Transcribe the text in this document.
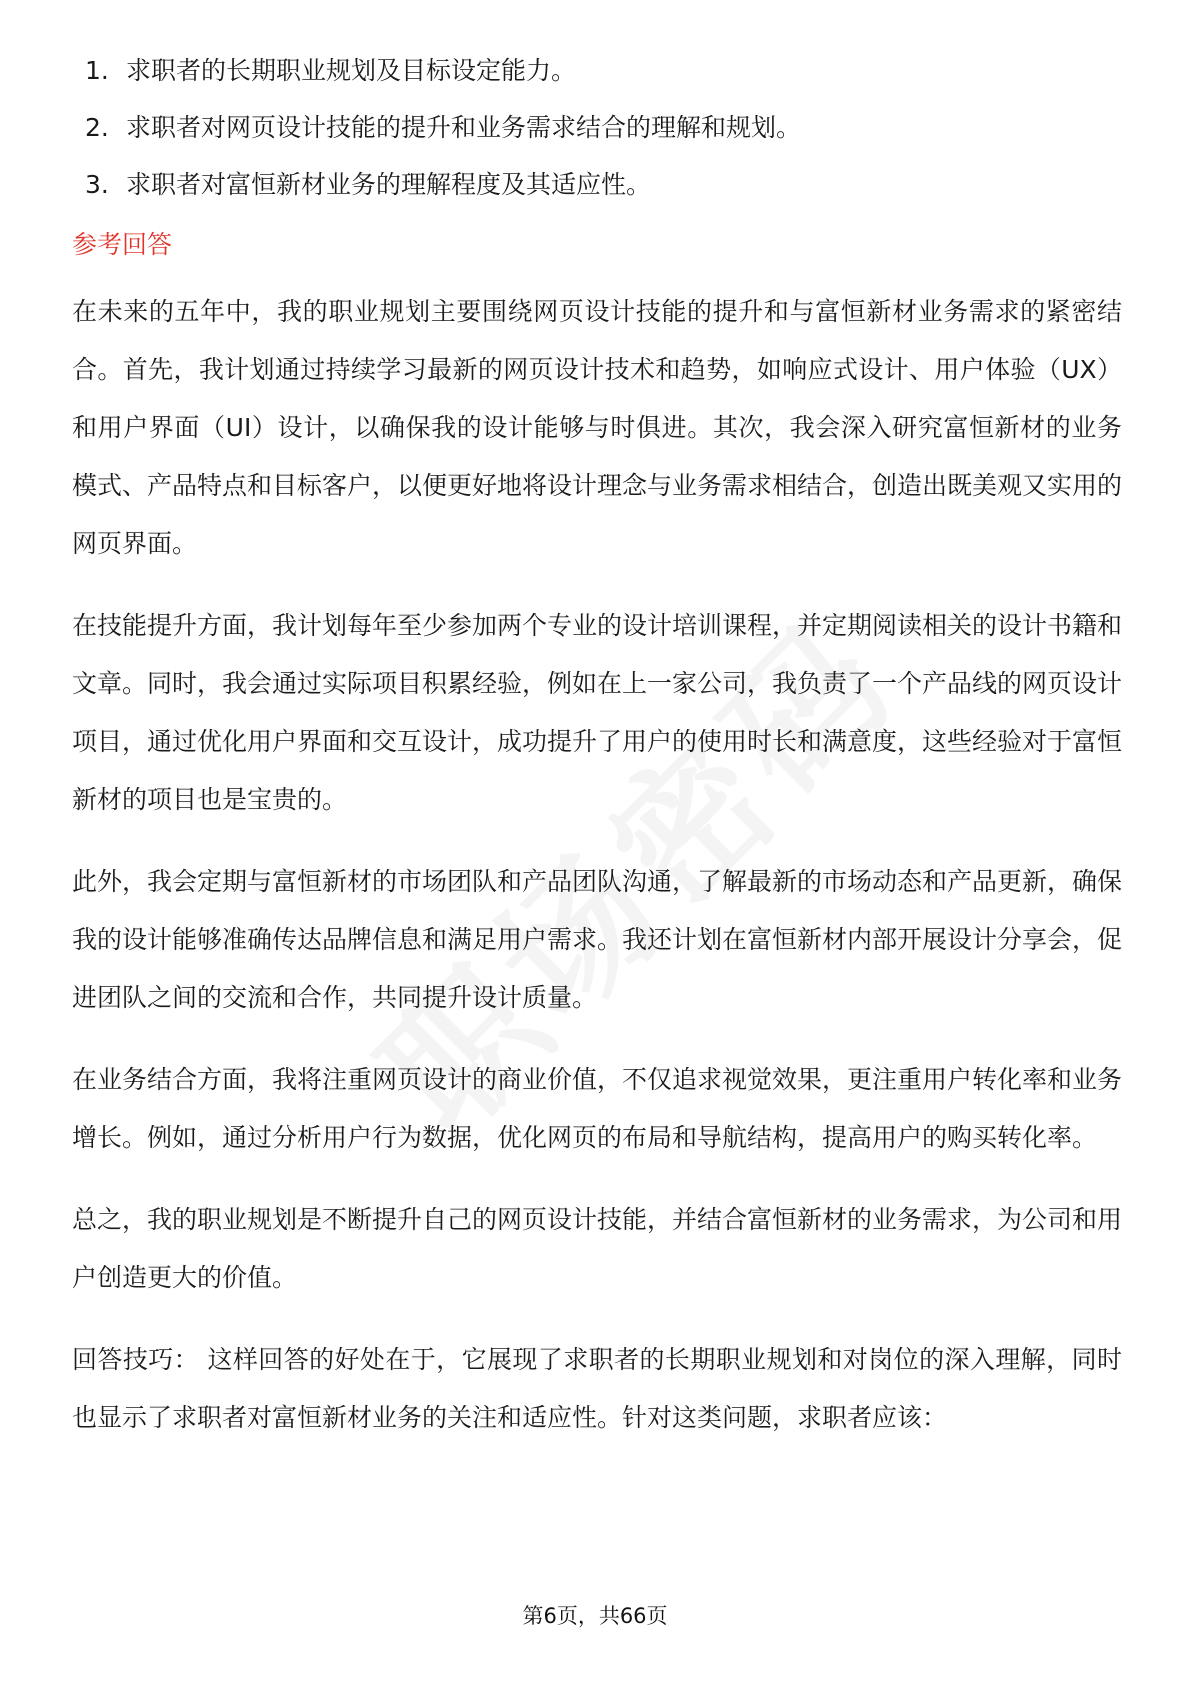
1. 求职者的长期职业规划及目标设定能力。
2. 求职者对网页设计技能的提升和业务需求结合的理解和规划。
3. 求职者对富恒新材业务的理解程度及其适应性。
参考回答

在未来的五年中，我的职业规划主要围绕网页设计技能的提升和与富恒新材业务需求的紧密结合。首先，我计划通过持续学习最新的网页设计技术和趋势，如响应式设计、用户体验（UX）和用户界面（UI）设计，以确保我的设计能够与时俱进。其次，我会深入研究富恒新材的业务模式、产品特点和目标客户，以便更好地将设计理念与业务需求相结合，创造出既美观又实用的网页界面。

在技能提升方面，我计划每年至少参加两个专业的设计培训课程，并定期阅读相关的设计书籍和文章。同时，我会通过实际项目积累经验，例如在上一家公司，我负责了一个产品线的网页设计项目，通过优化用户界面和交互设计，成功提升了用户的使用时长和满意度，这些经验对于富恒新材的项目也是宝贵的。

此外，我会定期与富恒新材的市场团队和产品团队沟通，了解最新的市场动态和产品更新，确保我的设计能够准确传达品牌信息和满足用户需求。我还计划在富恒新材内部开展设计分享会，促进团队之间的交流和合作，共同提升设计质量。

在业务结合方面，我将注重网页设计的商业价值，不仅追求视觉效果，更注重用户转化率和业务增长。例如，通过分析用户行为数据，优化网页的布局和导航结构，提高用户的购买转化率。

总之，我的职业规划是不断提升自己的网页设计技能，并结合富恒新材的业务需求，为公司和用户创造更大的价值。

回答技巧： 这样回答的好处在于，它展现了求职者的长期职业规划和对岗位的深入理解，同时也显示了求职者对富恒新材业务的关注和适应性。针对这类问题，求职者应该：

第6页，共66页
